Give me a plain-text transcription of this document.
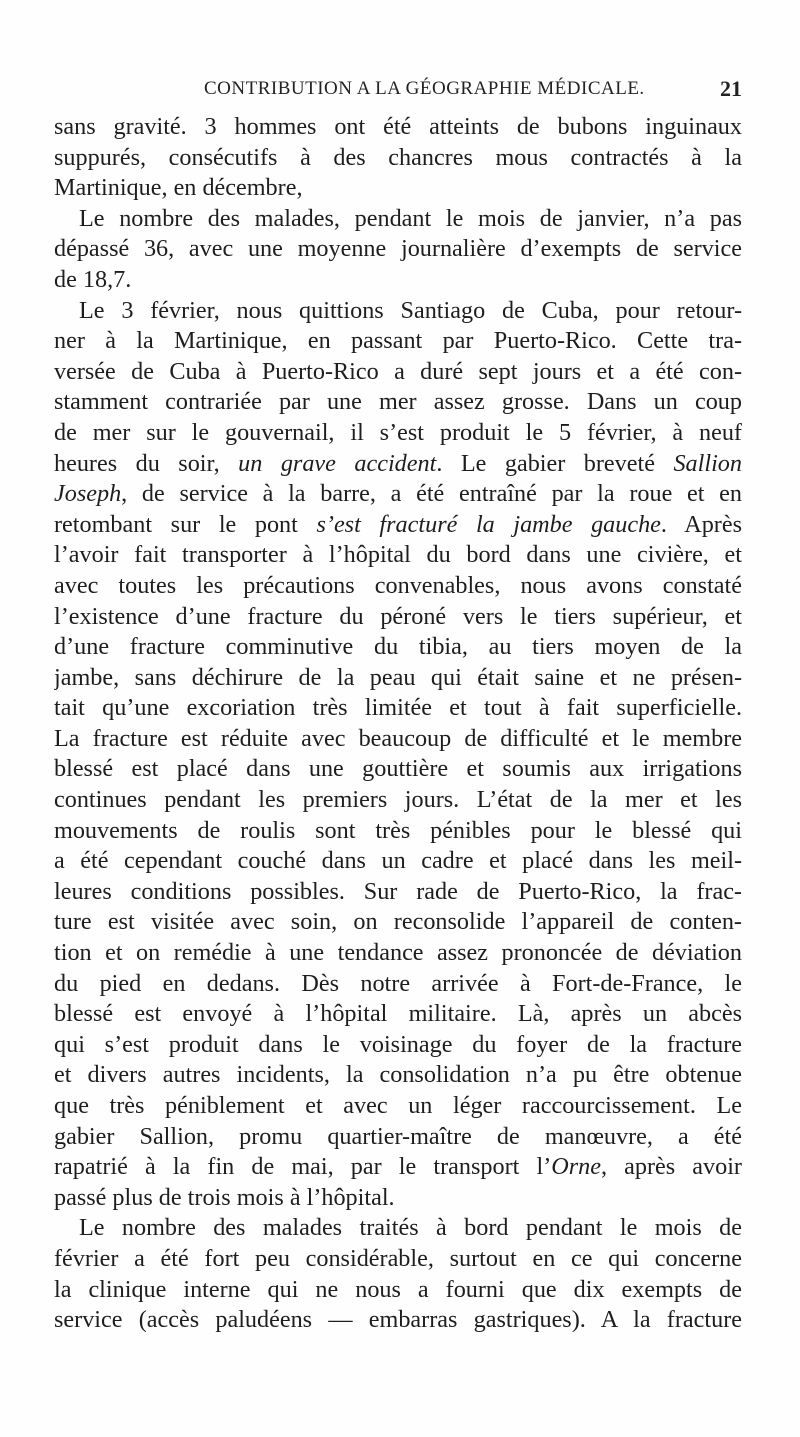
CONTRIBUTION A LA GÉOGRAPHIE MÉDICALE.	21
sans gravité. 3 hommes ont été atteints de bubons inguinaux
suppurés, consécutifs à des chancres mous contractés à la
Martinique, en décembre,
Le nombre des malades, pendant le mois de janvier, n’a pas
dépassé 36, avec une moyenne journalière d’exempts de service
de 18,7.
Le 3 février, nous quittions Santiago de Cuba, pour retour-
ner à la Martinique, en passant par Puerto-Rico. Cette tra-
versée de Cuba à Puerto-Rico a duré sept jours et a été con-
stamment contrariée par une mer assez grosse. Dans un coup
de mer sur le gouvernail, il s’est produit le 5 février, à neuf
heures du soir, un grave accident. Le gabier breveté Sallion
Joseph, de service à la barre, a été entraîné par la roue et en
retombant sur le pont s’est fracturé la jambe gauche. Après
l’avoir fait transporter à l’hôpital du bord dans une civière, et
avec toutes les précautions convenables, nous avons constaté
l’existence d’une fracture du péroné vers le tiers supérieur, et
d’une fracture comminutive du tibia, au tiers moyen de la
jambe, sans déchirure de la peau qui était saine et ne présen-
tait qu’une excoriation très limitée et tout à fait superficielle.
La fracture est réduite avec beaucoup de difficulté et le membre
blessé est placé dans une gouttière et soumis aux irrigations
continues pendant les premiers jours. L’état de la mer et les
mouvements de roulis sont très pénibles pour le blessé qui
a été cependant couché dans un cadre et placé dans les meil-
leures conditions possibles. Sur rade de Puerto-Rico, la frac-
ture est visitée avec soin, on reconsolide l’appareil de conten-
tion et on remédie à une tendance assez prononcée de déviation
du pied en dedans. Dès notre arrivée à Fort-de-France, le
blessé est envoyé à l’hôpital militaire. Là, après un abcès
qui s’est produit dans le voisinage du foyer de la fracture
et divers autres incidents, la consolidation n’a pu être obtenue
que très péniblement et avec un léger raccourcissement. Le
gabier Sallion, promu quartier-maître de manœuvre, a été
rapatrié à la fin de mai, par le transport l’Orne, après avoir
passé plus de trois mois à l’hôpital.
Le nombre des malades traités à bord pendant le mois de
février a été fort peu considérable, surtout en ce qui concerne
la clinique interne qui ne nous a fourni que dix exempts de
service (accès paludéens — embarras gastriques). A la fracture
